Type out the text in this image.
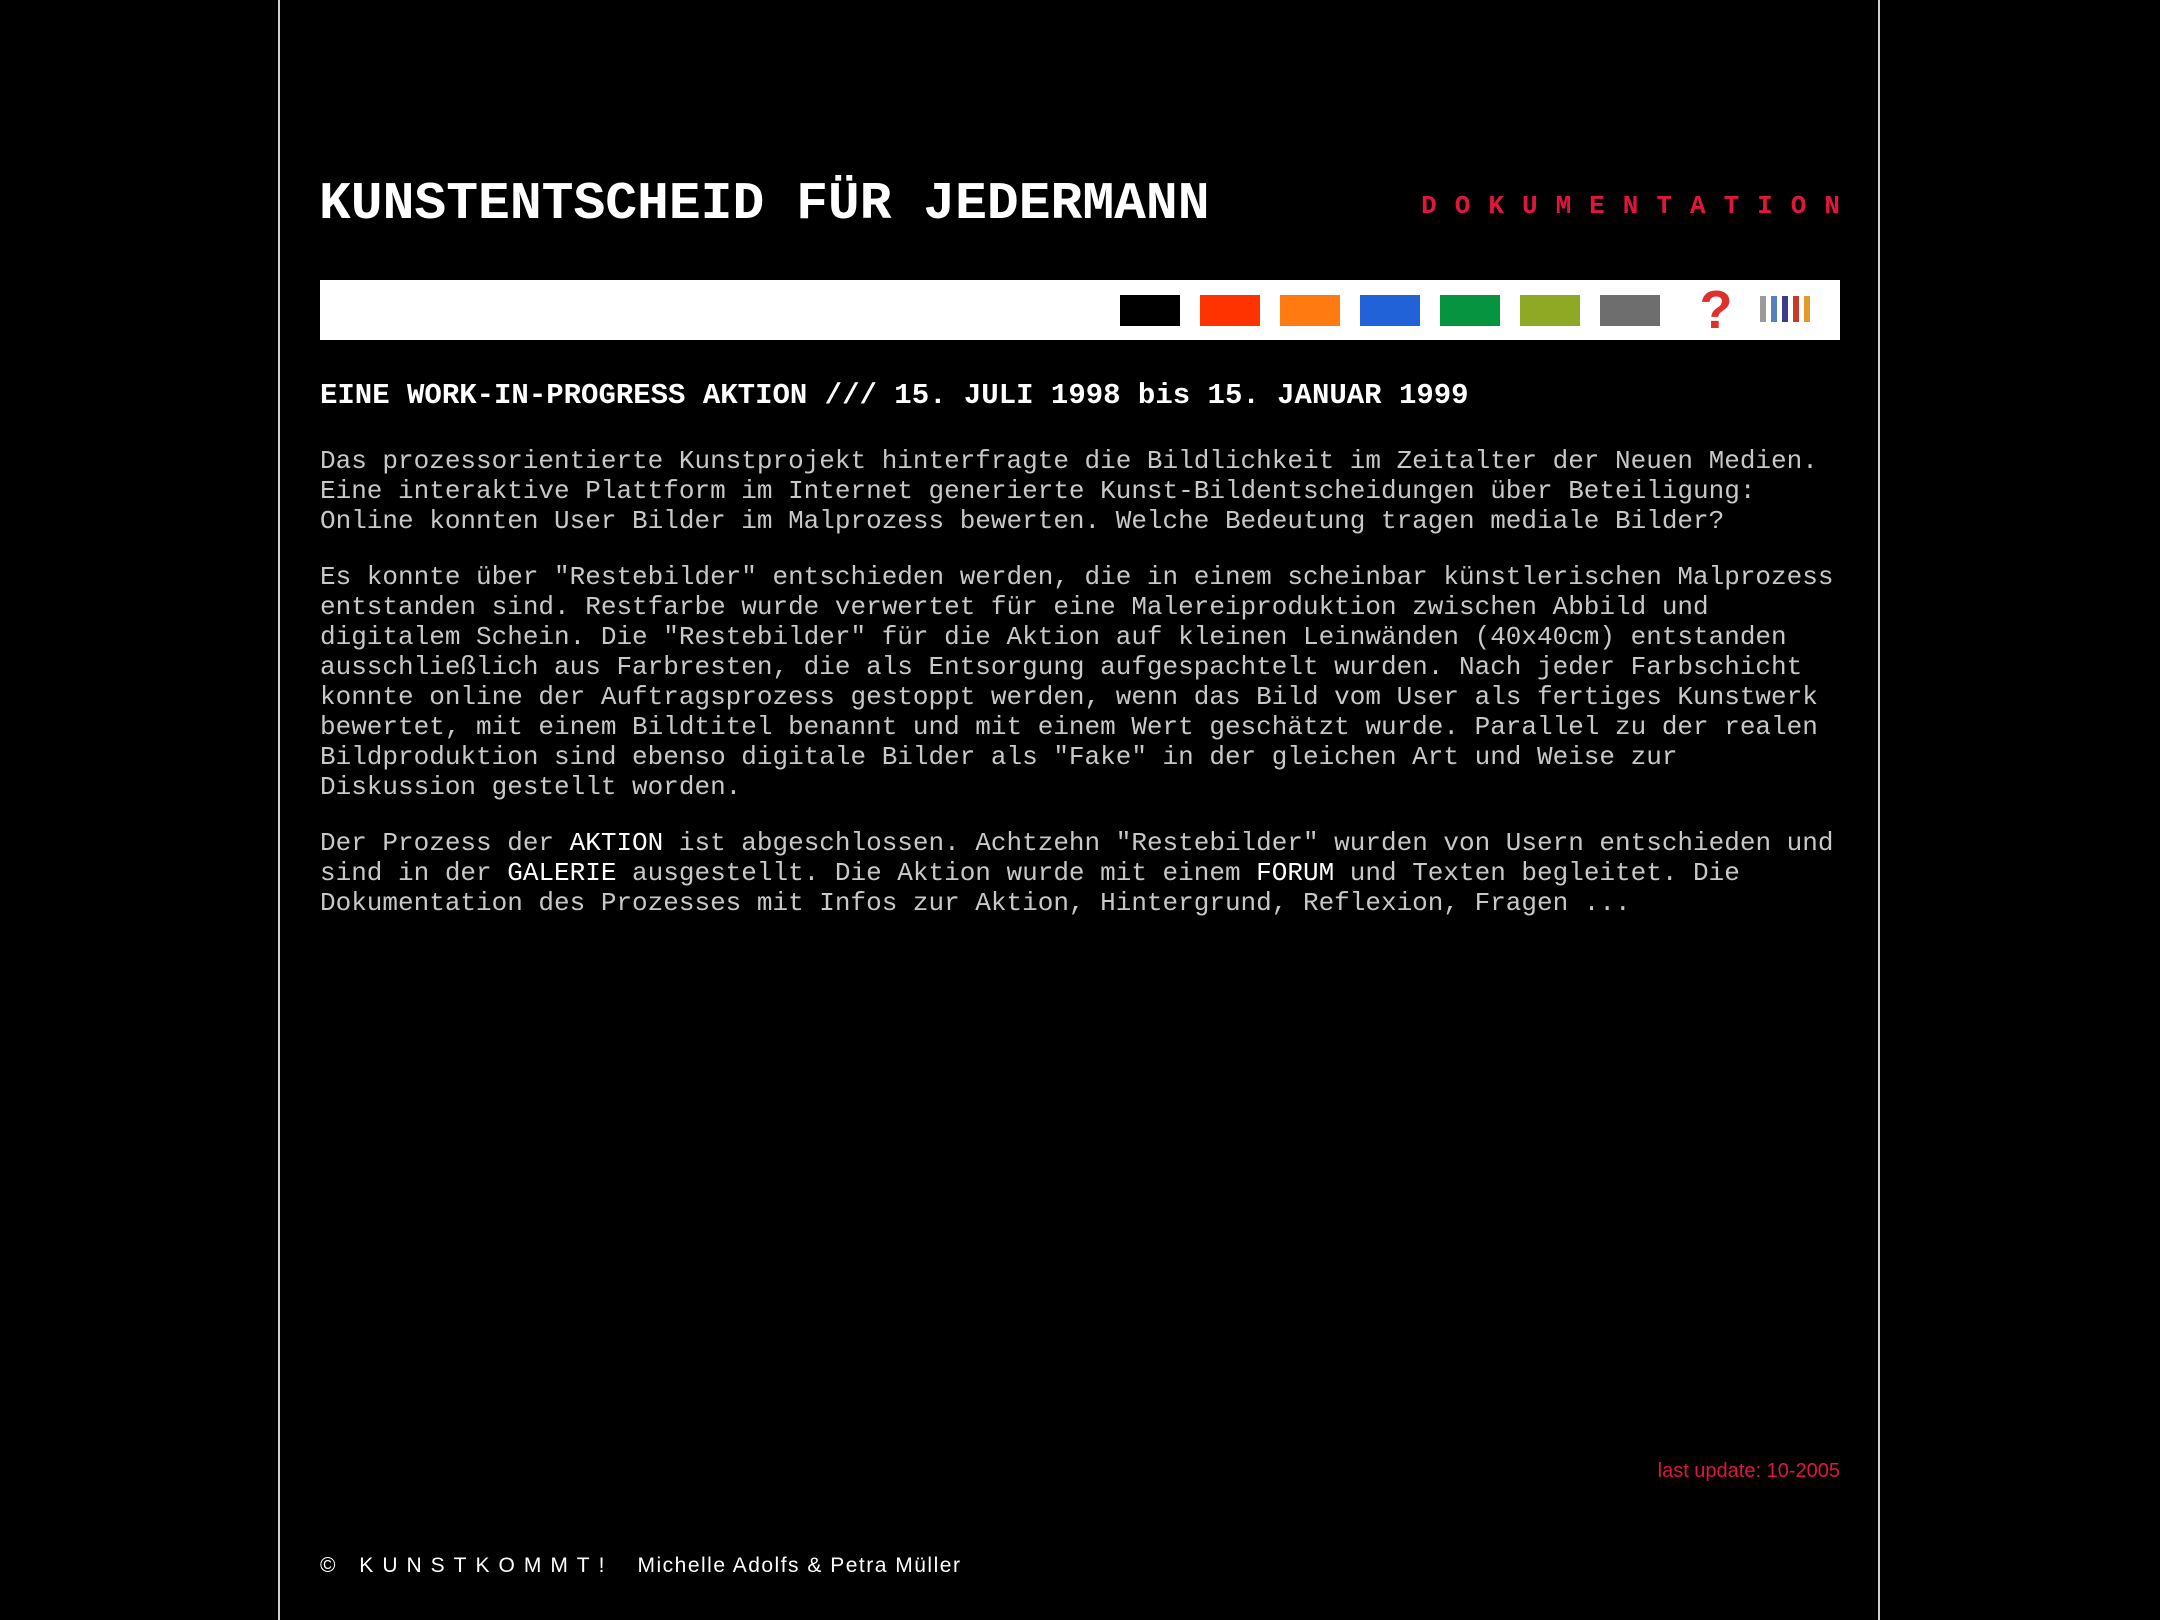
KUNSTENTSCHEID FÜR JEDERMANN	DOKUMENTATION
?
EINE WORK-IN-PROGRESS AKTION /// 15. JULI 1998 bis 15. JANUAR 1999

Das prozessorientierte Kunstprojekt hinterfragte die Bildlichkeit im Zeitalter der Neuen Medien. Eine interaktive Plattform im Internet generierte Kunst-Bildentscheidungen über Beteiligung: Online konnten User Bilder im Malprozess bewerten. Welche Bedeutung tragen mediale Bilder?

Es konnte über "Restebilder" entschieden werden, die in einem scheinbar künstlerischen Malprozess entstanden sind. Restfarbe wurde verwertet für eine Malereiproduktion zwischen Abbild und digitalem Schein. Die "Restebilder" für die Aktion auf kleinen Leinwänden (40x40cm) entstanden ausschließlich aus Farbresten, die als Entsorgung aufgespachtelt wurden. Nach jeder Farbschicht konnte online der Auftragsprozess gestoppt werden, wenn das Bild vom User als fertiges Kunstwerk bewertet, mit einem Bildtitel benannt und mit einem Wert geschätzt wurde. Parallel zu der realen Bildproduktion sind ebenso digitale Bilder als "Fake" in der gleichen Art und Weise zur Diskussion gestellt worden.

Der Prozess der AKTION ist abgeschlossen. Achtzehn "Restebilder" wurden von Usern entschieden und sind in der GALERIE ausgestellt. Die Aktion wurde mit einem FORUM und Texten begleitet. Die Dokumentation des Prozesses mit Infos zur Aktion, Hintergrund, Reflexion, Fragen ...

last update: 10-2005
© KUNSTKOMMT! Michelle Adolfs & Petra Müller
